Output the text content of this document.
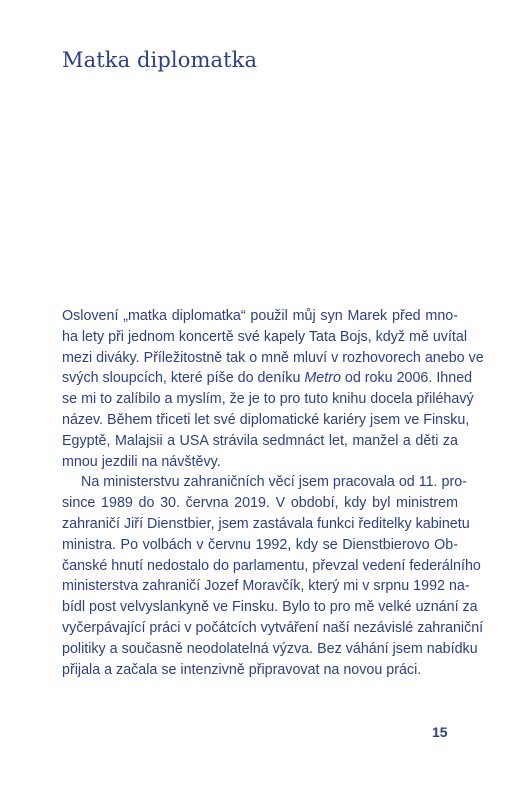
Matka diplomatka
Oslovení „matka diplomatka“ použil můj syn Marek před mno-
ha lety při jednom koncertě své kapely Tata Bojs, když mě uvítal
mezi diváky. Příležitostně tak o mně mluví v rozhovorech anebo ve
svých sloupcích, které píše do deníku Metro od roku 2006. Ihned
se mi to zalíbilo a myslím, že je to pro tuto knihu docela přiléhavý
název. Během třiceti let své diplomatické kariéry jsem ve Finsku,
Egyptě, Malajsii a USA strávila sedmnáct let, manžel a děti za
mnou jezdili na návštěvy.
Na ministerstvu zahraničních věcí jsem pracovala od 11. pro-
since 1989 do 30. června 2019. V období, kdy byl ministrem
zahraničí Jiří Dienstbier, jsem zastávala funkci ředitelky kabinetu
ministra. Po volbách v červnu 1992, kdy se Dienstbierovo Ob-
čanské hnutí nedostalo do parlamentu, převzal vedení federálního
ministerstva zahraničí Jozef Moravčík, který mi v srpnu 1992 na-
bídl post velvyslankyně ve Finsku. Bylo to pro mě velké uznání za
vyčerpávající práci v počátcích vytváření naší nezávislé zahraniční
politiky a současně neodolatelná výzva. Bez váhání jsem nabídku
přijala a začala se intenzivně připravovat na novou práci.

15
